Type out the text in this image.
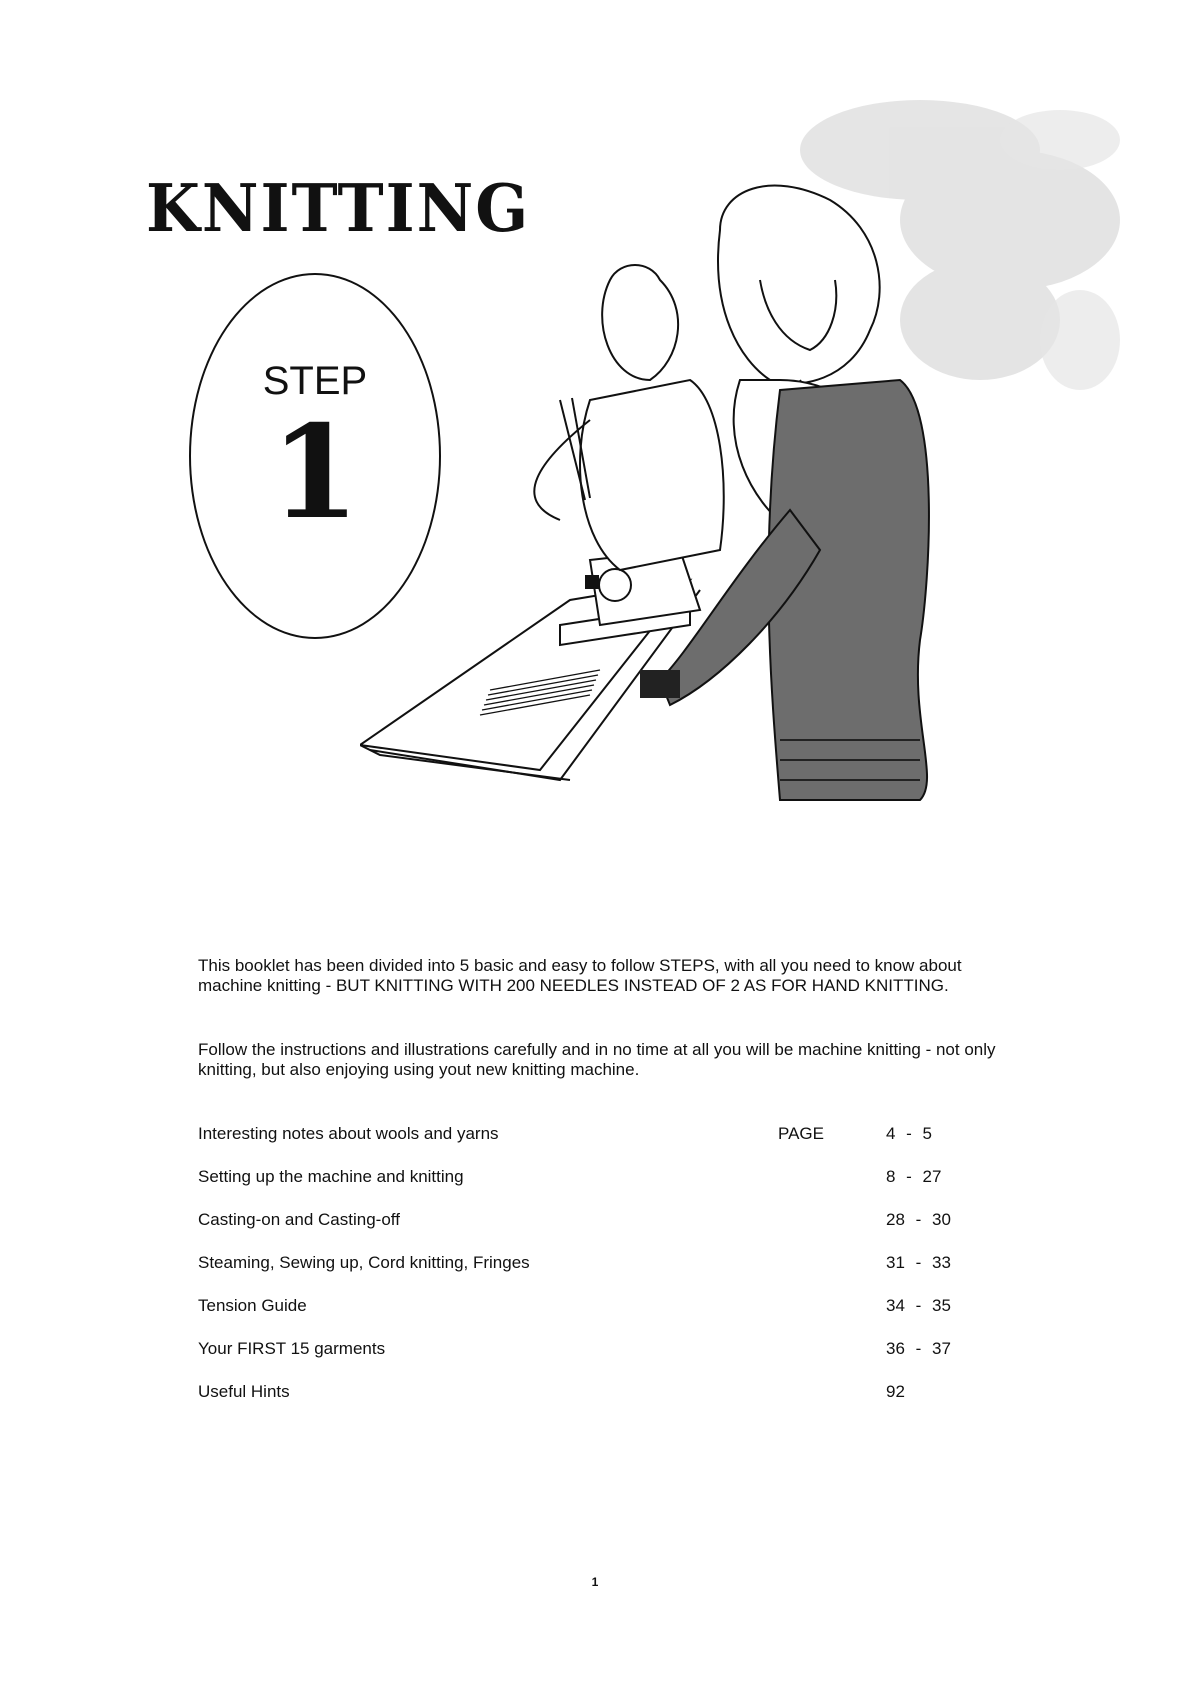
KNITTING
STEP
1

This booklet has been divided into 5 basic and easy to follow STEPS, with all you need to know about machine knitting - BUT KNITTING WITH 200 NEEDLES INSTEAD OF 2 AS FOR HAND KNITTING.

Follow the instructions and illustrations carefully and in no time at all you will be machine knitting - not only knitting, but also enjoying using yout new knitting machine.

Interesting notes about wools and yarns	PAGE	4 - 5
Setting up the machine and knitting	8 - 27
Casting-on and Casting-off	28 - 30
Steaming, Sewing up, Cord knitting, Fringes	31 - 33
Tension Guide	34 - 35
Your FIRST 15 garments	36 - 37
Useful Hints	92
1
